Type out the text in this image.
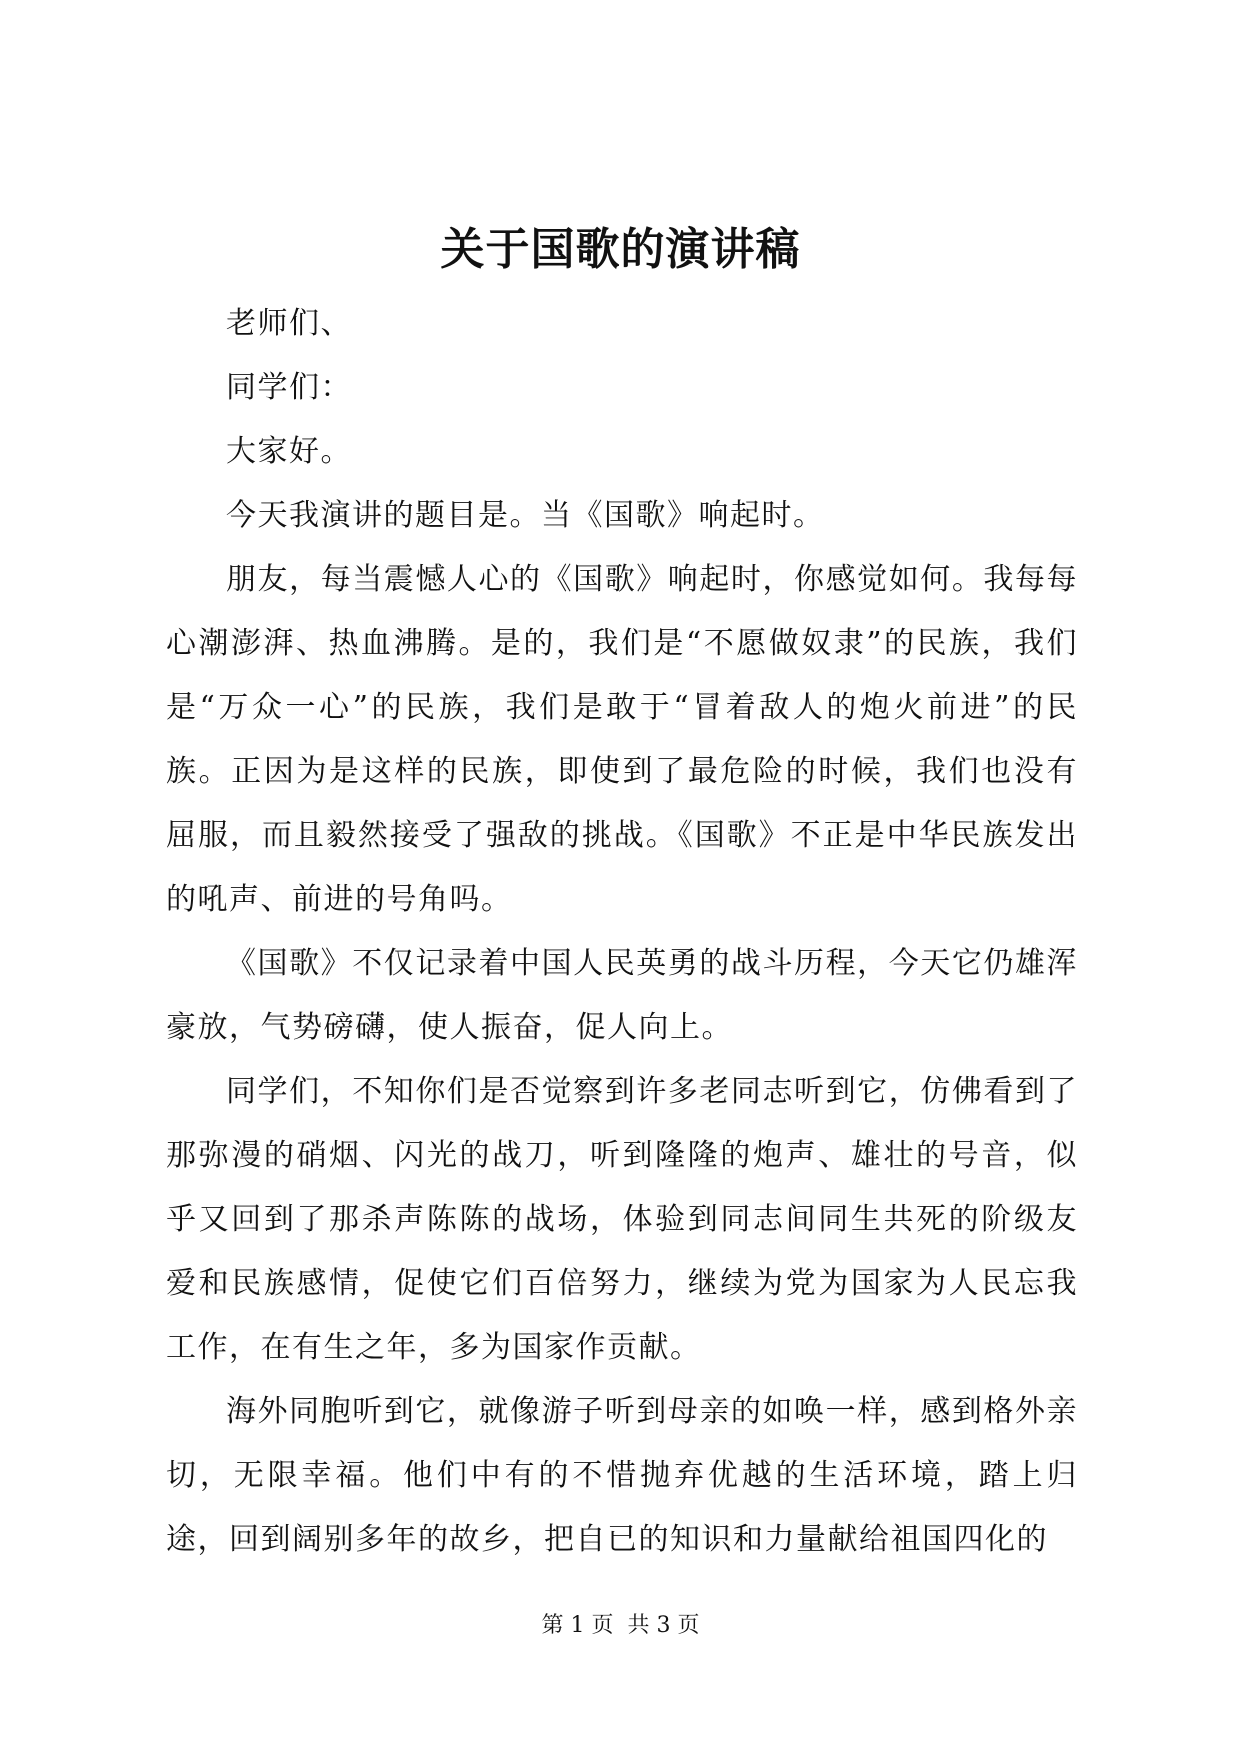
关于国歌的演讲稿

老师们、

同学们：

大家好。

今天我演讲的题目是。当《国歌》响起时。

朋友，每当震憾人心的《国歌》响起时，你感觉如何。我每每心潮澎湃、热血沸腾。是的，我们是“不愿做奴隶”的民族，我们是“万众一心”的民族，我们是敢于“冒着敌人的炮火前进”的民族。正因为是这样的民族，即使到了最危险的时候，我们也没有屈服，而且毅然接受了强敌的挑战。《国歌》不正是中华民族发出的吼声、前进的号角吗。

《国歌》不仅记录着中国人民英勇的战斗历程，今天它仍雄浑豪放，气势磅礴，使人振奋，促人向上。

同学们，不知你们是否觉察到许多老同志听到它，仿佛看到了那弥漫的硝烟、闪光的战刀，听到隆隆的炮声、雄壮的号音，似乎又回到了那杀声陈陈的战场，体验到同志间同生共死的阶级友爱和民族感情，促使它们百倍努力，继续为党为国家为人民忘我工作，在有生之年，多为国家作贡献。

海外同胞听到它，就像游子听到母亲的如唤一样，感到格外亲切，无限幸福。他们中有的不惜抛弃优越的生活环境，踏上归途，回到阔别多年的故乡，把自已的知识和力量献给祖国四化的

第 1 页  共 3 页
